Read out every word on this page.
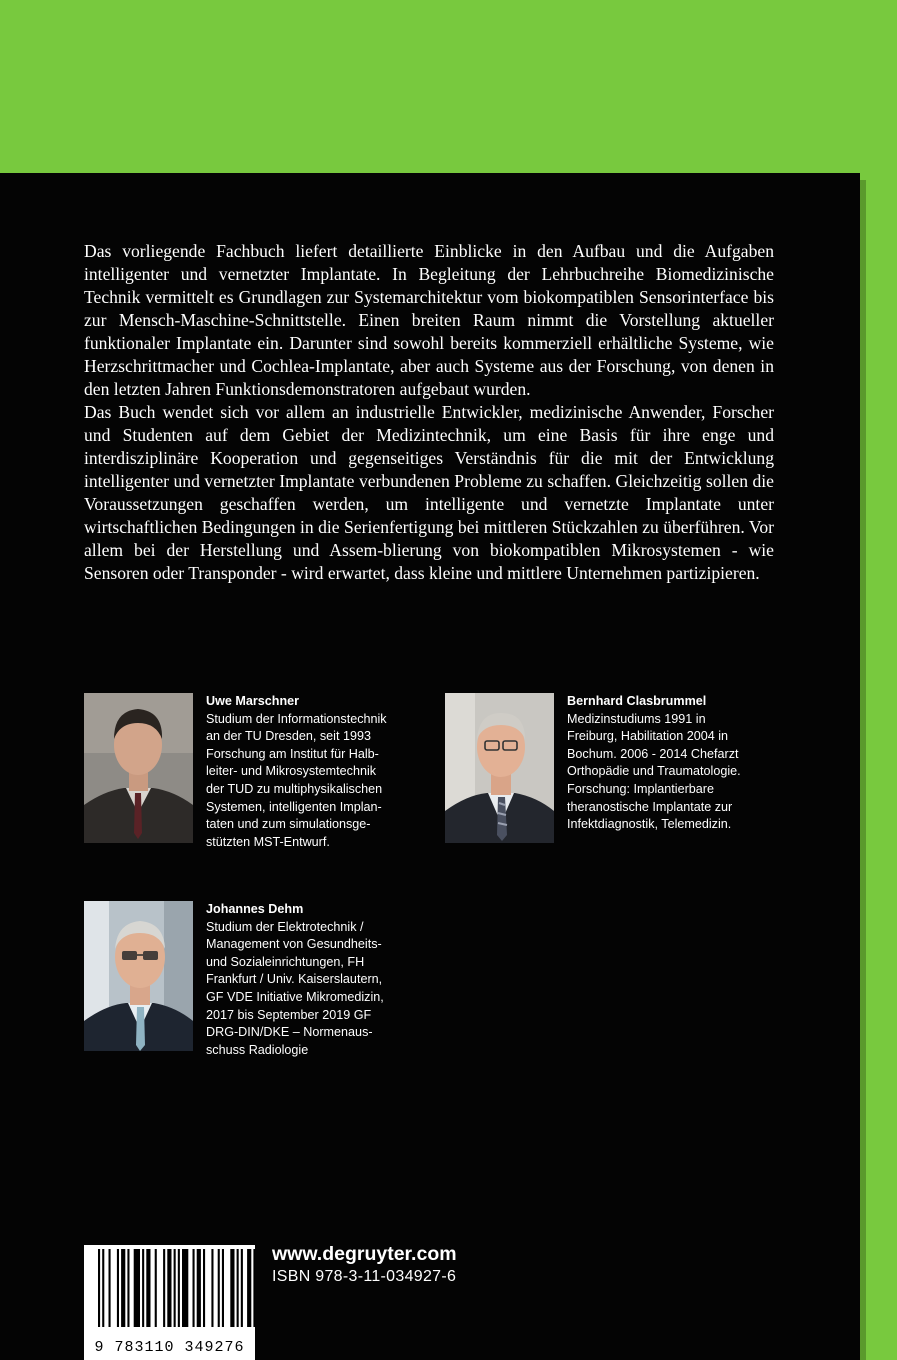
Das vorliegende Fachbuch liefert detaillierte Einblicke in den Aufbau und die Aufgaben intelligenter und vernetzter Implantate. In Begleitung der Lehrbuchreihe Biomedizinische Technik vermittelt es Grundlagen zur Systemarchitektur vom biokompatiblen Sensorinterface bis zur Mensch-Maschine-Schnittstelle. Einen breiten Raum nimmt die Vorstellung aktueller funktionaler Implantate ein. Darunter sind sowohl bereits kommerziell erhältliche Systeme, wie Herzschrittmacher und Cochlea-Implantate, aber auch Systeme aus der Forschung, von denen in den letzten Jahren Funktionsdemonstratoren aufgebaut wurden.

Das Buch wendet sich vor allem an industrielle Entwickler, medizinische Anwender, Forscher und Studenten auf dem Gebiet der Medizintechnik, um eine Basis für ihre enge und interdisziplinäre Kooperation und gegenseitiges Verständnis für die mit der Entwicklung intelligenter und vernetzter Implantate verbundenen Probleme zu schaffen. Gleichzeitig sollen die Voraussetzungen geschaffen werden, um intelligente und vernetzte Implantate unter wirtschaftlichen Bedingungen in die Serienfertigung bei mittleren Stückzahlen zu überführen. Vor allem bei der Herstellung und Assem-blierung von biokompatiblen Mikrosystemen - wie Sensoren oder Transponder - wird erwartet, dass kleine und mittlere Unternehmen partizipieren.

Uwe Marschner
Studium der Informationstechnik
an der TU Dresden, seit 1993
Forschung am Institut für Halb-
leiter- und Mikrosystemtechnik
der TUD zu multiphysikalischen
Systemen, intelligenten Implan-
taten und zum simulationsge-
stützten MST-Entwurf.
Bernhard Clasbrummel
Medizinstudiums 1991 in
Freiburg, Habilitation 2004 in
Bochum. 2006 - 2014 Chefarzt
Orthopädie und Traumatologie.
Forschung: Implantierbare
theranostische Implantate zur
Infektdiagnostik, Telemedizin.
Johannes Dehm
Studium der Elektrotechnik /
Management von Gesundheits-
und Sozialeinrichtungen, FH
Frankfurt / Univ. Kaiserslautern,
GF VDE Initiative Mikromedizin,
2017 bis September 2019 GF
DRG-DIN/DKE – Normenaus-
schuss Radiologie
9 783110 349276
www.degruyter.com
ISBN 978-3-11-034927-6
